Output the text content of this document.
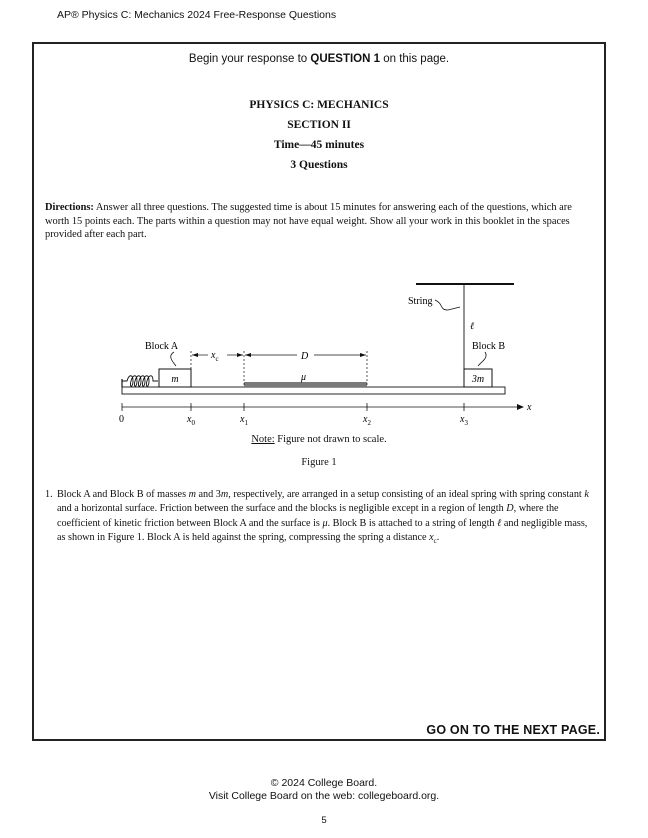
AP® Physics C: Mechanics 2024 Free-Response Questions
Begin your response to QUESTION 1 on this page.
PHYSICS C: MECHANICS
SECTION II
Time—45 minutes
3 Questions
Directions: Answer all three questions. The suggested time is about 15 minutes for answering each of the questions, which are worth 15 points each. The parts within a question may not have equal weight. Show all your work in this booklet in the spaces provided after each part.
String
ℓ
μ
m	3m
Block A	Block B
$x_c$	D
x
0	$x_0$	$x_1$	$x_2$	$x_3$
Note: Figure not drawn to scale.
Figure 1
1. Block A and Block B of masses m and 3m, respectively, are arranged in a setup consisting of an ideal spring with spring constant k and a horizontal surface. Friction between the surface and the blocks is negligible except in a region of length D, where the coefficient of kinetic friction between Block A and the surface is μ. Block B is attached to a string of length ℓ and negligible mass, as shown in Figure 1. Block A is held against the spring, compressing the spring a distance $x_c$.
GO ON TO THE NEXT PAGE.
© 2024 College Board.
Visit College Board on the web: collegeboard.org.
5
